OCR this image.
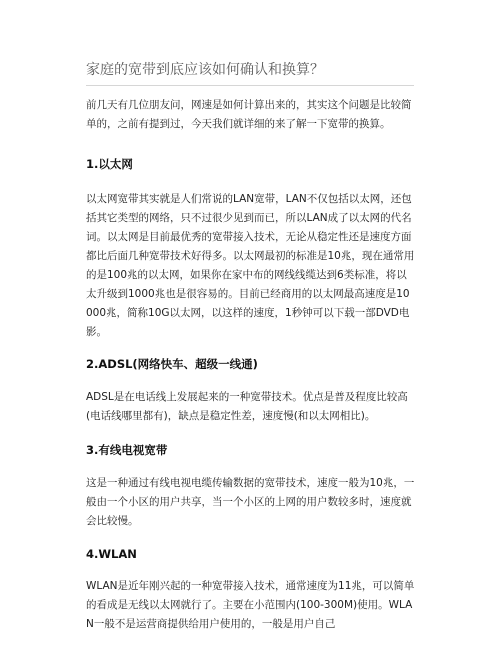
家庭的宽带到底应该如何确认和换算？

前几天有几位朋友问，网速是如何计算出来的，其实这个问题是比较简单的，之前有提到过，今天我们就详细的来了解一下宽带的换算。

1.以太网

以太网宽带其实就是人们常说的LAN宽带，LAN不仅包括以太网，还包括其它类型的网络，只不过很少见到而已，所以LAN成了以太网的代名词。以太网是目前最优秀的宽带接入技术，无论从稳定性还是速度方面都比后面几种宽带技术好得多。以太网最初的标准是10兆，现在通常用的是100兆的以太网，如果你在家中布的网线线缆达到6类标准，将以太升级到1000兆也是很容易的。目前已经商用的以太网最高速度是10000兆，简称10G以太网，以这样的速度，1秒钟可以下载一部DVD电影。

2.ADSL(网络快车、超级一线通)

ADSL是在电话线上发展起来的一种宽带技术。优点是普及程度比较高(电话线哪里都有)，缺点是稳定性差，速度慢(和以太网相比)。

3.有线电视宽带

这是一种通过有线电视电缆传输数据的宽带技术，速度一般为10兆，一般由一个小区的用户共享，当一个小区的上网的用户数较多时，速度就会比较慢。

4.WLAN

WLAN是近年刚兴起的一种宽带接入技术，通常速度为11兆，可以简单的看成是无线以太网就行了。主要在小范围内(100-300M)使用。WLAN一般不是运营商提供给用户使用的，一般是用户自己
